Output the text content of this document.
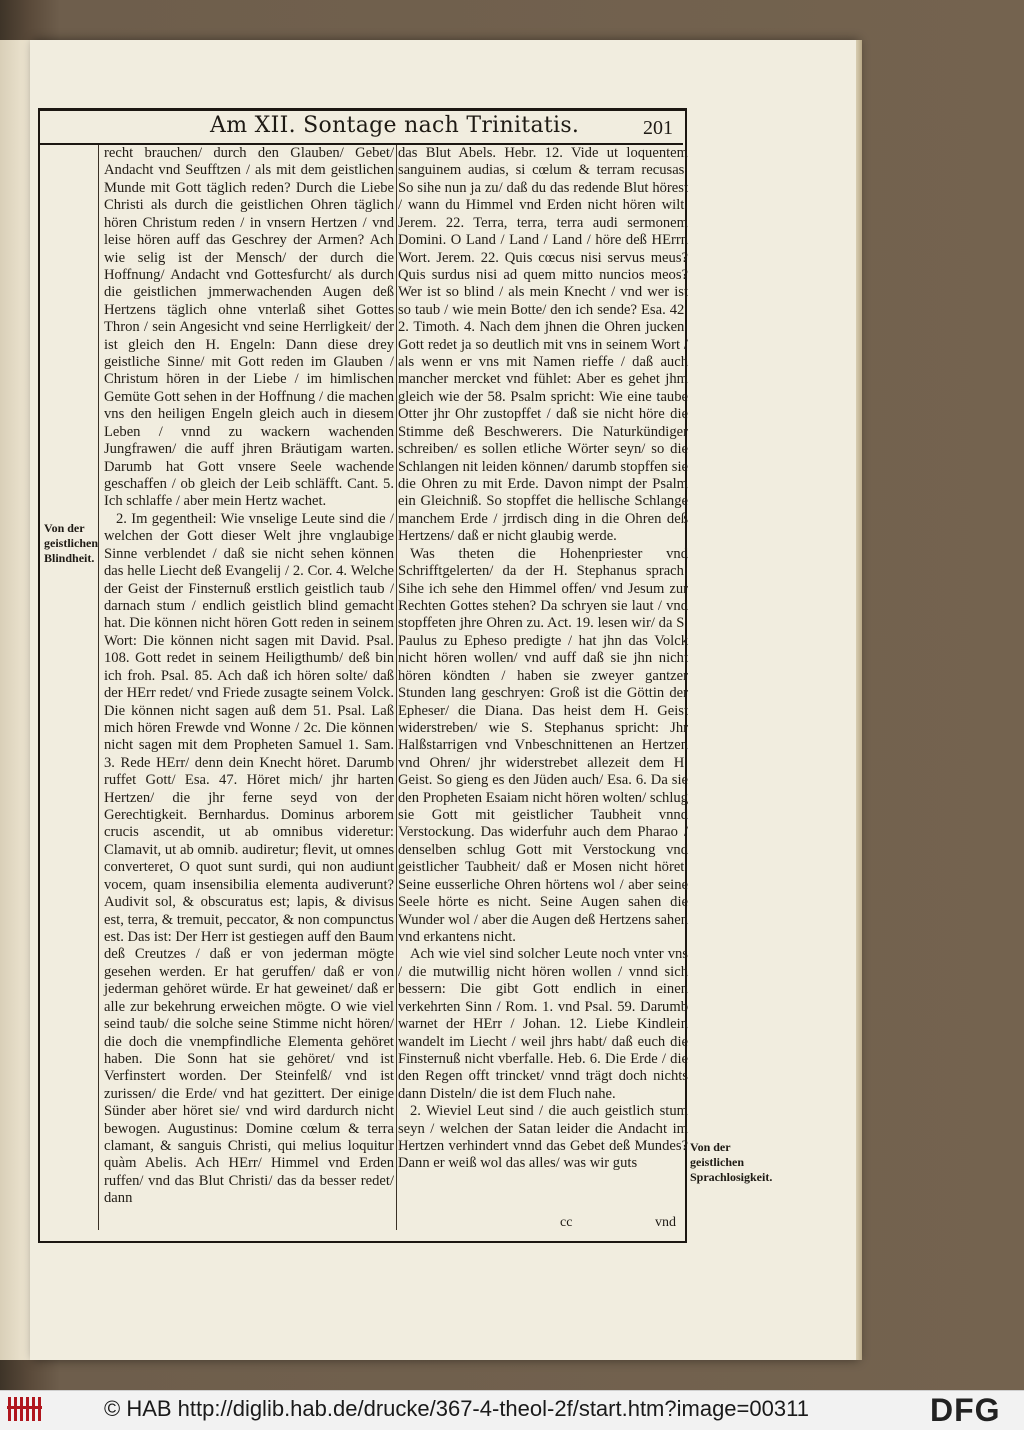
Am XII. Sontage nach Trinitatis.	201
Von der geistlichen Blindheit.

recht brauchen/ durch den Glauben/ Gebet/ Andacht vnd Seufftzen / als mit dem geistlichen Munde mit Gott täglich reden? Durch die Liebe Christi als durch die geistlichen Ohren täglich hören Christum reden / in vnsern Hertzen / vnd leise hören auff das Geschrey der Armen? Ach wie selig ist der Mensch/ der durch die Hoffnung/ Andacht vnd Gottesfurcht/ als durch die geistlichen jmmerwachenden Augen deß Hertzens täglich ohne vnterlaß sihet Gottes Thron / sein Angesicht vnd seine Herrligkeit/ der ist gleich den H. Engeln: Dann diese drey geistliche Sinne/ mit Gott reden im Glauben / Christum hören in der Liebe / im himlischen Gemüte Gott sehen in der Hoffnung / die machen vns den heiligen Engeln gleich auch in diesem Leben / vnnd zu wackern wachenden Jungfrawen/ die auff jhren Bräutigam warten. Darumb hat Gott vnsere Seele wachende geschaffen / ob gleich der Leib schläfft. Cant. 5. Ich schlaffe / aber mein Hertz wachet.

2. Im gegentheil: Wie vnselige Leute sind die / welchen der Gott dieser Welt jhre vnglaubige Sinne verblendet / daß sie nicht sehen können das helle Liecht deß Evangelij / 2. Cor. 4. Welche der Geist der Finsternuß erstlich geistlich taub / darnach stum / endlich geistlich blind gemacht hat. Die können nicht hören Gott reden in seinem Wort: Die können nicht sagen mit David. Psal. 108. Gott redet in seinem Heiligthumb/ deß bin ich froh. Psal. 85. Ach daß ich hören solte/ daß der HErr redet/ vnd Friede zusagte seinem Volck. Die können nicht sagen auß dem 51. Psal. Laß mich hören Frewde vnd Wonne / 2c. Die können nicht sagen mit dem Propheten Samuel 1. Sam. 3. Rede HErr/ denn dein Knecht höret. Darumb ruffet Gott/ Esa. 47. Höret mich/ jhr harten Hertzen/ die jhr ferne seyd von der Gerechtigkeit. Bernhardus. Dominus arborem crucis ascendit, ut ab omnibus videretur: Clamavit, ut ab omnib. audiretur; flevit, ut omnes converteret, O quot sunt surdi, qui non audiunt vocem, quam insensibilia elementa audiverunt? Audivit sol, & obscuratus est; lapis, & divisus est, terra, & tremuit, peccator, & non compunctus est. Das ist: Der Herr ist gestiegen auff den Baum deß Creutzes / daß er von jederman mögte gesehen werden. Er hat geruffen/ daß er von jederman gehöret würde. Er hat geweinet/ daß er alle zur bekehrung erweichen mögte. O wie viel seind taub/ die solche seine Stimme nicht hören/ die doch die vnempfindliche Elementa gehöret haben. Die Sonn hat sie gehöret/ vnd ist Verfinstert worden. Der Steinfelß/ vnd ist zurissen/ die Erde/ vnd hat gezittert. Der einige Sünder aber höret sie/ vnd wird dardurch nicht bewogen. Augustinus: Domine cœlum & terra clamant, & sanguis Christi, qui melius loquitur quàm Abelis. Ach HErr/ Himmel vnd Erden ruffen/ vnd das Blut Christi/ das da besser redet/ dann

das Blut Abels. Hebr. 12. Vide ut loquentem sanguinem audias, si cœlum & terram recusas. So sihe nun ja zu/ daß du das redende Blut hörest / wann du Himmel vnd Erden nicht hören wilt. Jerem. 22. Terra, terra, terra audi sermonem Domini. O Land / Land / Land / höre deß HErrn Wort. Jerem. 22. Quis cœcus nisi servus meus? Quis surdus nisi ad quem mitto nuncios meos? Wer ist so blind / als mein Knecht / vnd wer ist so taub / wie mein Botte/ den ich sende? Esa. 42. 2. Timoth. 4. Nach dem jhnen die Ohren jucken. Gott redet ja so deutlich mit vns in seinem Wort / als wenn er vns mit Namen rieffe / daß auch mancher mercket vnd fühlet: Aber es gehet jhm gleich wie der 58. Psalm spricht: Wie eine taube Otter jhr Ohr zustopffet / daß sie nicht höre die Stimme deß Beschwerers. Die Naturkündiger schreiben/ es sollen etliche Wörter seyn/ so die Schlangen nit leiden können/ darumb stopffen sie die Ohren zu mit Erde. Davon nimpt der Psalm ein Gleichniß. So stopffet die hellische Schlange manchem Erde / jrrdisch ding in die Ohren deß Hertzens/ daß er nicht glaubig werde.

Was theten die Hohenpriester vnd Schrifftgelerten/ da der H. Stephanus sprach: Sihe ich sehe den Himmel offen/ vnd Jesum zur Rechten Gottes stehen? Da schryen sie laut / vnd stopffeten jhre Ohren zu. Act. 19. lesen wir/ da S. Paulus zu Epheso predigte / hat jhn das Volck nicht hören wollen/ vnd auff daß sie jhn nicht hören köndten / haben sie zweyer gantzer Stunden lang geschryen: Groß ist die Göttin der Epheser/ die Diana. Das heist dem H. Geist widerstreben/ wie S. Stephanus spricht: Jhr Halßstarrigen vnd Vnbeschnittenen an Hertzen vnd Ohren/ jhr widerstrebet allezeit dem H. Geist. So gieng es den Jüden auch/ Esa. 6. Da sie den Propheten Esaiam nicht hören wolten/ schlug sie Gott mit geistlicher Taubheit vnnd Verstockung. Das widerfuhr auch dem Pharao / denselben schlug Gott mit Verstockung vnd geistlicher Taubheit/ daß er Mosen nicht höret. Seine eusserliche Ohren hörtens wol / aber seine Seele hörte es nicht. Seine Augen sahen die Wunder wol / aber die Augen deß Hertzens sahen vnd erkantens nicht.

Ach wie viel sind solcher Leute noch vnter vns / die mutwillig nicht hören wollen / vnnd sich bessern: Die gibt Gott endlich in einen verkehrten Sinn / Rom. 1. vnd Psal. 59. Darumb warnet der HErr / Johan. 12. Liebe Kindlein wandelt im Liecht / weil jhrs habt/ daß euch die Finsternuß nicht vberfalle. Heb. 6. Die Erde / die den Regen offt trincket/ vnnd trägt doch nichts dann Disteln/ die ist dem Fluch nahe.

2. Wieviel Leut sind / die auch geistlich stum seyn / welchen der Satan leider die Andacht im Hertzen verhindert vnnd das Gebet deß Mundes? Dann er weiß wol das alles/ was wir guts

Von der geistlichen Sprachlosigkeit.
cc	vnd
© HAB http://diglib.hab.de/drucke/367-4-theol-2f/start.htm?image=00311	DFG
